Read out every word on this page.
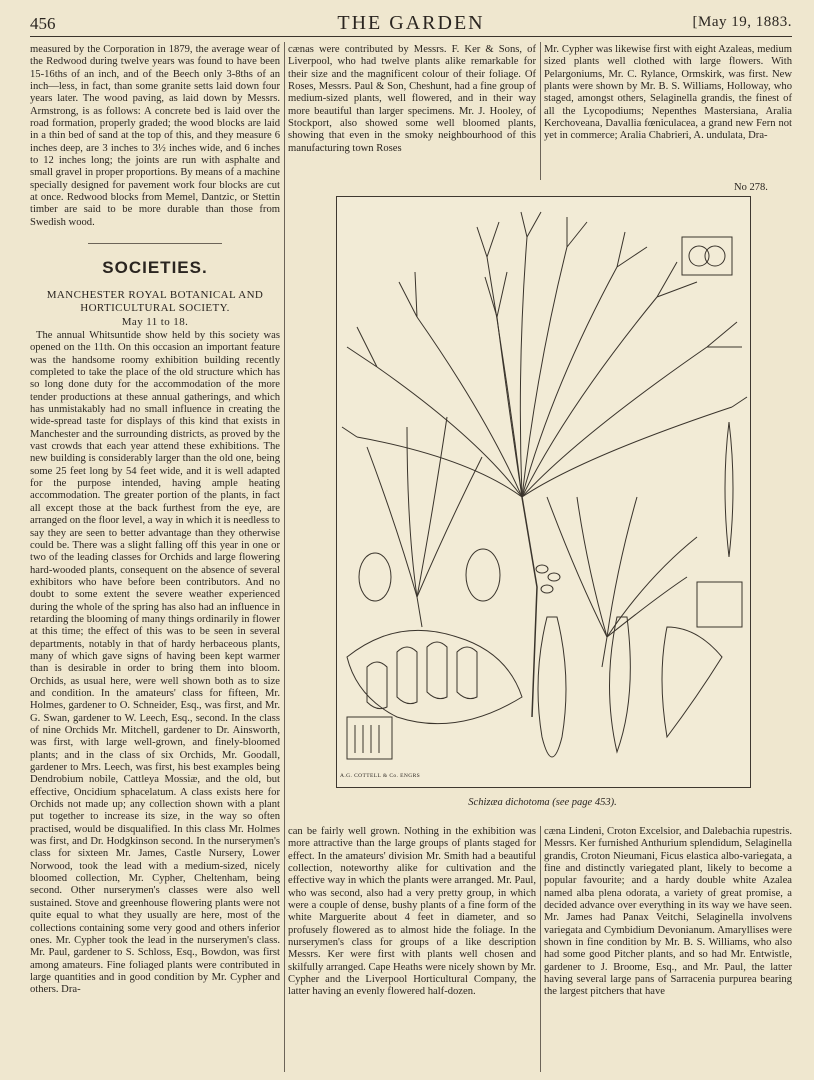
456	THE GARDEN	[May 19, 1883.

measured by the Corporation in 1879, the average wear of the Redwood during twelve years was found to have been 15-16ths of an inch, and of the Beech only 3-8ths of an inch—less, in fact, than some granite setts laid down four years later. The wood paving, as laid down by Messrs. Armstrong, is as follows: A concrete bed is laid over the road formation, properly graded; the wood blocks are laid in a thin bed of sand at the top of this, and they measure 6 inches deep, are 3 inches to 3½ inches wide, and 6 inches to 12 inches long; the joints are run with asphalte and small gravel in proper proportions. By means of a machine specially designed for pavement work four blocks are cut at once. Redwood blocks from Memel, Dantzic, or Stettin timber are said to be more durable than those from Swedish wood.

SOCIETIES.
MANCHESTER ROYAL BOTANICAL AND HORTICULTURAL SOCIETY.
May 11 to 18.

The annual Whitsuntide show held by this society was opened on the 11th. On this occasion an important feature was the handsome roomy exhibition building recently completed to take the place of the old structure which has so long done duty for the accommodation of the more tender productions at these annual gatherings, and which has unmistakably had no small influence in creating the wide-spread taste for displays of this kind that exists in Manchester and the surrounding districts, as proved by the vast crowds that each year attend these exhibitions. The new building is considerably larger than the old one, being some 25 feet long by 54 feet wide, and it is well adapted for the purpose intended, having ample heating accommodation. The greater portion of the plants, in fact all except those at the back furthest from the eye, are arranged on the floor level, a way in which it is needless to say they are seen to better advantage than they otherwise could be. There was a slight falling off this year in one or two of the leading classes for Orchids and large flowering hard-wooded plants, consequent on the absence of several exhibitors who have before been contributors. And no doubt to some extent the severe weather experienced during the whole of the spring has also had an influence in retarding the blooming of many things ordinarily in flower at this time; the effect of this was to be seen in several departments, notably in that of hardy herbaceous plants, many of which gave signs of having been kept warmer than is desirable in order to bring them into bloom. Orchids, as usual here, were well shown both as to size and condition. In the amateurs' class for fifteen, Mr. Holmes, gardener to O. Schneider, Esq., was first, and Mr. G. Swan, gardener to W. Leech, Esq., second. In the class of nine Orchids Mr. Mitchell, gardener to Dr. Ainsworth, was first, with large well-grown, and finely-bloomed plants; and in the class of six Orchids, Mr. Goodall, gardener to Mrs. Leech, was first, his best examples being Dendrobium nobile, Cattleya Mossiæ, and the old, but effective, Oncidium sphacelatum. A class exists here for Orchids not made up; any collection shown with a plant put together to increase its size, in the way so often practised, would be disqualified. In this class Mr. Holmes was first, and Dr. Hodgkinson second. In the nurserymen's class for sixteen Mr. James, Castle Nursery, Lower Norwood, took the lead with a medium-sized, nicely bloomed collection, Mr. Cypher, Cheltenham, being second. Other nurserymen's classes were also well sustained. Stove and greenhouse flowering plants were not quite equal to what they usually are here, most of the collections containing some very good and others inferior ones. Mr. Cypher took the lead in the nurserymen's class. Mr. Paul, gardener to S. Schloss, Esq., Bowdon, was first among amateurs. Fine foliaged plants were contributed in large quantities and in good condition by Mr. Cypher and others. Dra-

cænas were contributed by Messrs. F. Ker & Sons, of Liverpool, who had twelve plants alike remarkable for their size and the magnificent colour of their foliage. Of Roses, Messrs. Paul & Son, Cheshunt, had a fine group of medium-sized plants, well flowered, and in their way more beautiful than larger specimens. Mr. J. Hooley, of Stockport, also showed some well bloomed plants, showing that even in the smoky neighbourhood of this manufacturing town Roses

Mr. Cypher was likewise first with eight Azaleas, medium sized plants well clothed with large flowers. With Pelargoniums, Mr. C. Rylance, Ormskirk, was first. New plants were shown by Mr. B. S. Williams, Holloway, who staged, amongst others, Selaginella grandis, the finest of all the Lycopodiums; Nepenthes Mastersiana, Aralia Kerchoveana, Davallia fœniculacea, a grand new Fern not yet in commerce; Aralia Chabrieri, A. undulata, Dra-

No 278.
A.G. COTTELL & Co. ENGRS
Schizæa dichotoma (see page 453).

can be fairly well grown. Nothing in the exhibition was more attractive than the large groups of plants staged for effect. In the amateurs' division Mr. Smith had a beautiful collection, noteworthy alike for cultivation and the effective way in which the plants were arranged. Mr. Paul, who was second, also had a very pretty group, in which were a couple of dense, bushy plants of a fine form of the white Marguerite about 4 feet in diameter, and so profusely flowered as to almost hide the foliage. In the nurserymen's class for groups of a like description Messrs. Ker were first with plants well chosen and skilfully arranged. Cape Heaths were nicely shown by Mr. Cypher and the Liverpool Horticultural Company, the latter having an evenly flowered half-dozen.

cæna Lindeni, Croton Excelsior, and Dalebachia rupestris. Messrs. Ker furnished Anthurium splendidum, Selaginella grandis, Croton Nieumani, Ficus elastica albo-variegata, a fine and distinctly variegated plant, likely to become a popular favourite; and a hardy double white Azalea named alba plena odorata, a variety of great promise, a decided advance over everything in its way we have seen. Mr. James had Panax Veitchi, Selaginella involvens variegata and Cymbidium Devonianum. Amaryllises were shown in fine condition by Mr. B. S. Williams, who also had some good Pitcher plants, and so had Mr. Entwistle, gardener to J. Broome, Esq., and Mr. Paul, the latter having several large pans of Sarracenia purpurea bearing the largest pitchers that have
